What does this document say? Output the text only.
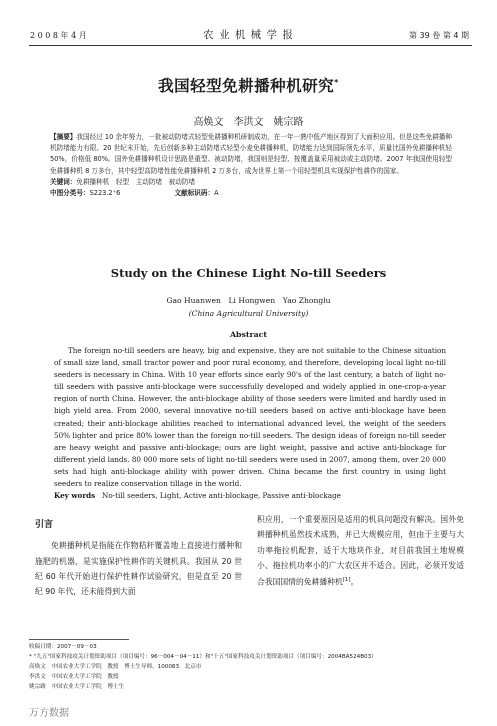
2 0 0 8 年 4 月	农 业 机 械 学 报	第 39 卷 第 4 期
我国轻型免耕播种机研究*
高焕文　李洪文　姚宗路
【摘要】我国经过 10 余年努力，一批被动防堵式轻型免耕播种机研制成功，在一年一熟中低产地区得到了大面积应用。但是这些免耕播种机防堵能力有限。20 世纪末开始，先后创新多种主动防堵式轻型小麦免耕播种机，防堵能力达到国际领先水平，质量比国外免耕播种机轻 50%，价格低 80%。国外免耕播种机设计思路是重型、被动防堵，我国则是轻型、按覆盖量采用被动或主动防堵。2007 年我国使用轻型免耕播种机 8 万多台，其中轻型高防堵性能免耕播种机 2 万多台，成为世界上第一个用轻型机具实现保护性耕作的国家。
关键词：免耕播种机　轻型　主动防堵　被动防堵
中图分类号：S223.2⁺6	文献标识码：A
Study on the Chinese Light No-till Seeders
Gao Huanwen　Li Hongwen　Yao Zhonglu
(China Agricultural University)
Abstract
The foreign no-till seeders are heavy, big and expensive, they are not suitable to the Chinese situation of small size land, small tractor power and poor rural economy, and therefore, developing local light no-till seeders is necessary in China. With 10 year efforts since early 90's of the last century, a batch of light no-till seeders with passive anti-blockage were successfully developed and widely applied in one-crop-a-year region of north China. However, the anti-blockage ability of those seeders were limited and hardly used in high yield area. From 2000, several innovative no-till seeders based on active anti-blockage have been created; their anti-blockage abilities reached to international advanced level, the weight of the seeders 50% lighter and price 80% lower than the foreign no-till seeders. The design ideas of foreign no-till seeder are heavy weight and passive anti-blockage; ours are light weight, passive and active anti-blockage for different yield lands. 80 000 more sets of light no-till seeders were used in 2007, among them, over 20 000 sets had high anti-blockage ability with power driven. China became the first country in using light seeders to realize conservation tillage in the world.
Key words No-till seeders, Light, Active anti-blockage, Passive anti-blockage
引言

免耕播种机是指能在作物秸秆覆盖地上直接进行播种和施肥的机器，是实施保护性耕作的关键机具。我国从 20 世纪 60 年代开始进行保护性耕作试验研究，但是直至 20 世纪 90 年代，还未能得到大面

积应用，一个重要原因是适用的机具问题没有解决。国外免耕播种机虽然技术成熟，并已大规模应用，但由于主要与大功率拖拉机配套，适于大地块作业，对目前我国土地规模小、拖拉机功率小的广大农区并不适合。因此，必须开发适合我国国情的免耕播种机[1]。

收稿日期：2007－09－03
* "九五"国家科技攻关计划资助项目（项目编号：96－004－04－11）和"十五"国家科技攻关计划资助项目（项目编号：2004BA524B03）
高焕文　中国农业大学工学院　教授　博士生导师，100083　北京市
李洪文　中国农业大学工学院　教授
姚宗路　中国农业大学工学院　博士生
万方数据
